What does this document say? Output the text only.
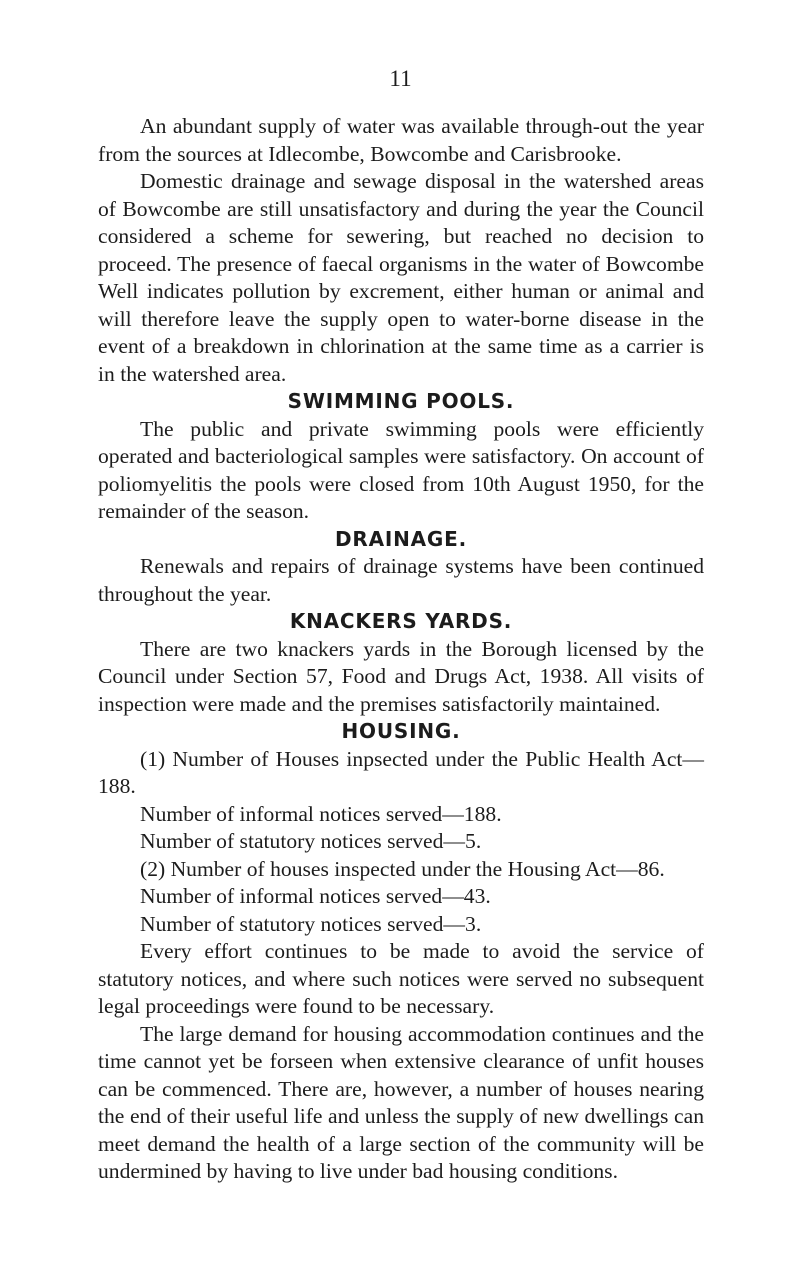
11

An abundant supply of water was available through-out the year from the sources at Idlecombe, Bowcombe and Carisbrooke.

Domestic drainage and sewage disposal in the watershed areas of Bowcombe are still unsatisfactory and during the year the Council considered a scheme for sewering, but reached no decision to proceed. The presence of faecal organisms in the water of Bowcombe Well indicates pollution by excrement, either human or animal and will therefore leave the supply open to water-borne disease in the event of a breakdown in chlorination at the same time as a carrier is in the watershed area.

SWIMMING POOLS.

The public and private swimming pools were efficiently operated and bacteriological samples were satisfactory. On account of poliomyelitis the pools were closed from 10th August 1950, for the remainder of the season.

DRAINAGE.

Renewals and repairs of drainage systems have been continued throughout the year.

KNACKERS YARDS.

There are two knackers yards in the Borough licensed by the Council under Section 57, Food and Drugs Act, 1938. All visits of inspection were made and the premises satisfactorily maintained.

HOUSING.

(1) Number of Houses inpsected under the Public Health Act—188.

Number of informal notices served—188.

Number of statutory notices served—5.

(2) Number of houses inspected under the Housing Act—86.

Number of informal notices served—43.

Number of statutory notices served—3.

Every effort continues to be made to avoid the service of statutory notices, and where such notices were served no subsequent legal proceedings were found to be necessary.

The large demand for housing accommodation continues and the time cannot yet be forseen when extensive clearance of unfit houses can be commenced. There are, however, a number of houses nearing the end of their useful life and unless the supply of new dwellings can meet demand the health of a large section of the community will be undermined by having to live under bad housing conditions.
